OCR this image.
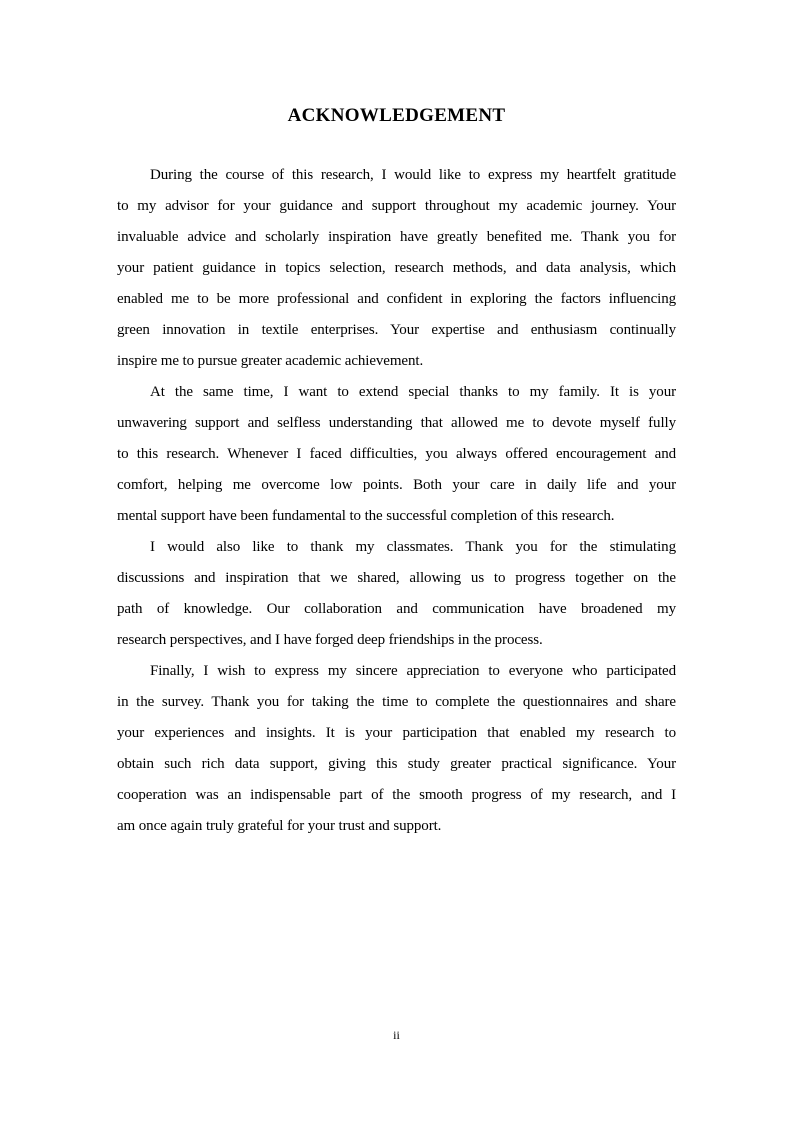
ACKNOWLEDGEMENT
During the course of this research, I would like to express my heartfelt gratitude
to my advisor for your guidance and support throughout my academic journey. Your
invaluable advice and scholarly inspiration have greatly benefited me. Thank you for
your patient guidance in topics selection, research methods, and data analysis, which
enabled me to be more professional and confident in exploring the factors influencing
green innovation in textile enterprises. Your expertise and enthusiasm continually
inspire me to pursue greater academic achievement.
At the same time, I want to extend special thanks to my family. It is your
unwavering support and selfless understanding that allowed me to devote myself fully
to this research. Whenever I faced difficulties, you always offered encouragement and
comfort, helping me overcome low points. Both your care in daily life and your
mental support have been fundamental to the successful completion of this research.
I would also like to thank my classmates. Thank you for the stimulating
discussions and inspiration that we shared, allowing us to progress together on the
path of knowledge. Our collaboration and communication have broadened my
research perspectives, and I have forged deep friendships in the process.
Finally, I wish to express my sincere appreciation to everyone who participated
in the survey. Thank you for taking the time to complete the questionnaires and share
your experiences and insights. It is your participation that enabled my research to
obtain such rich data support, giving this study greater practical significance. Your
cooperation was an indispensable part of the smooth progress of my research, and I
am once again truly grateful for your trust and support.
ii
